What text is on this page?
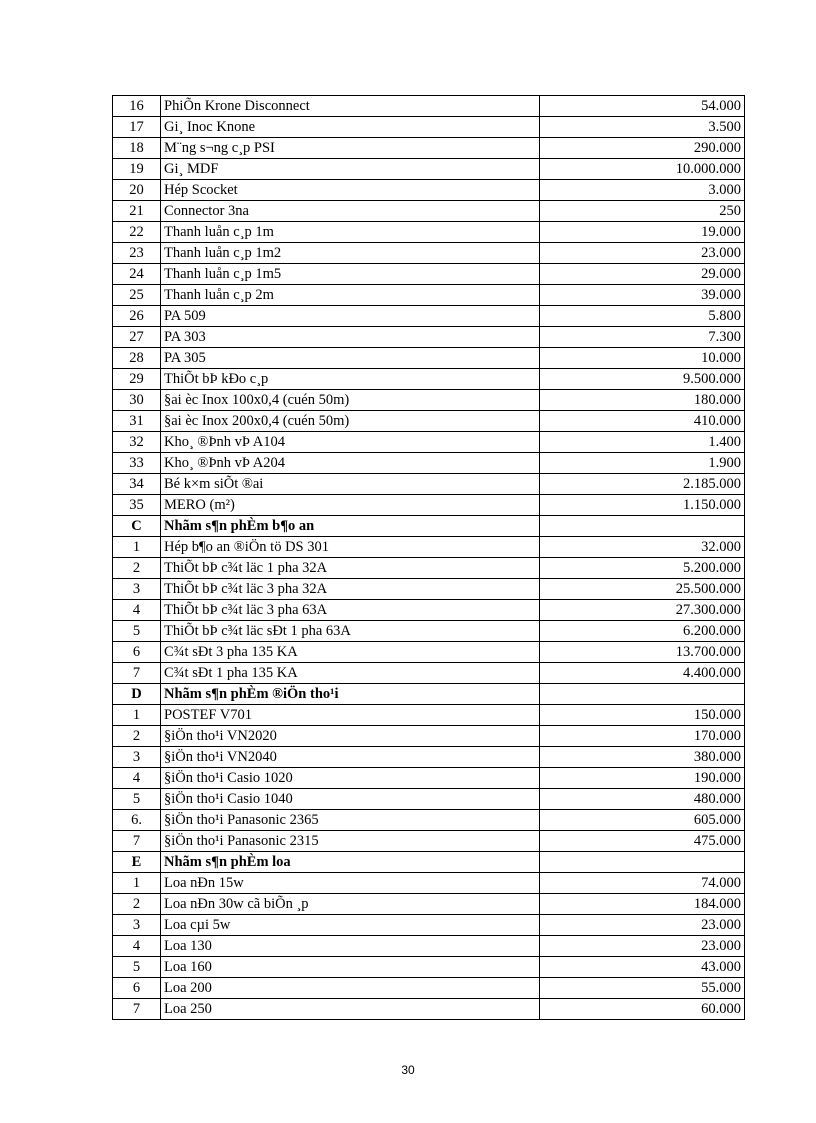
16	PhiÕn Krone Disconnect	54.000
17	Gi¸ Inoc Knone	3.500
18	M¨ng s¬ng c¸p PSI	290.000
19	Gi¸ MDF	10.000.000
20	Hép Scocket	3.000
21	Connector 3na	250
22	Thanh luån c¸p 1m	19.000
23	Thanh luån c¸p 1m2	23.000
24	Thanh luån c¸p 1m5	29.000
25	Thanh luån c¸p 2m	39.000
26	PA 509	5.800
27	PA 303	7.300
28	PA 305	10.000
29	ThiÕt bÞ kÐo c¸p	9.500.000
30	§ai èc Inox 100x0,4 (cuén 50m)	180.000
31	§ai èc Inox 200x0,4 (cuén 50m)	410.000
32	Kho¸ ®Þnh vÞ A104	1.400
33	Kho¸ ®Þnh vÞ A204	1.900
34	Bé k×m siÕt ®ai	2.185.000
35	MERO (m²)	1.150.000
C	Nhãm s¶n phÈm b¶o an	
1	Hép b¶o an ®iÖn tö DS 301	32.000
2	ThiÕt bÞ c¾t läc 1 pha 32A	5.200.000
3	ThiÕt bÞ c¾t läc 3 pha 32A	25.500.000
4	ThiÕt bÞ c¾t läc 3 pha 63A	27.300.000
5	ThiÕt bÞ c¾t läc sÐt 1 pha 63A	6.200.000
6	C¾t sÐt 3 pha 135 KA	13.700.000
7	C¾t sÐt 1 pha 135 KA	4.400.000
D	Nhãm s¶n phÈm ®iÖn tho¹i	
1	POSTEF V701	150.000
2	§iÖn tho¹i VN2020	170.000
3	§iÖn tho¹i VN2040	380.000
4	§iÖn tho¹i Casio 1020	190.000
5	§iÖn tho¹i Casio 1040	480.000
6.	§iÖn tho¹i Panasonic 2365	605.000
7	§iÖn tho¹i Panasonic 2315	475.000
E	Nhãm s¶n phÈm loa	
1	Loa nÐn 15w	74.000
2	Loa nÐn 30w cã biÕn ¸p	184.000
3	Loa cµi 5w	23.000
4	Loa 130	23.000
5	Loa 160	43.000
6	Loa 200	55.000
7	Loa 250	60.000
30
